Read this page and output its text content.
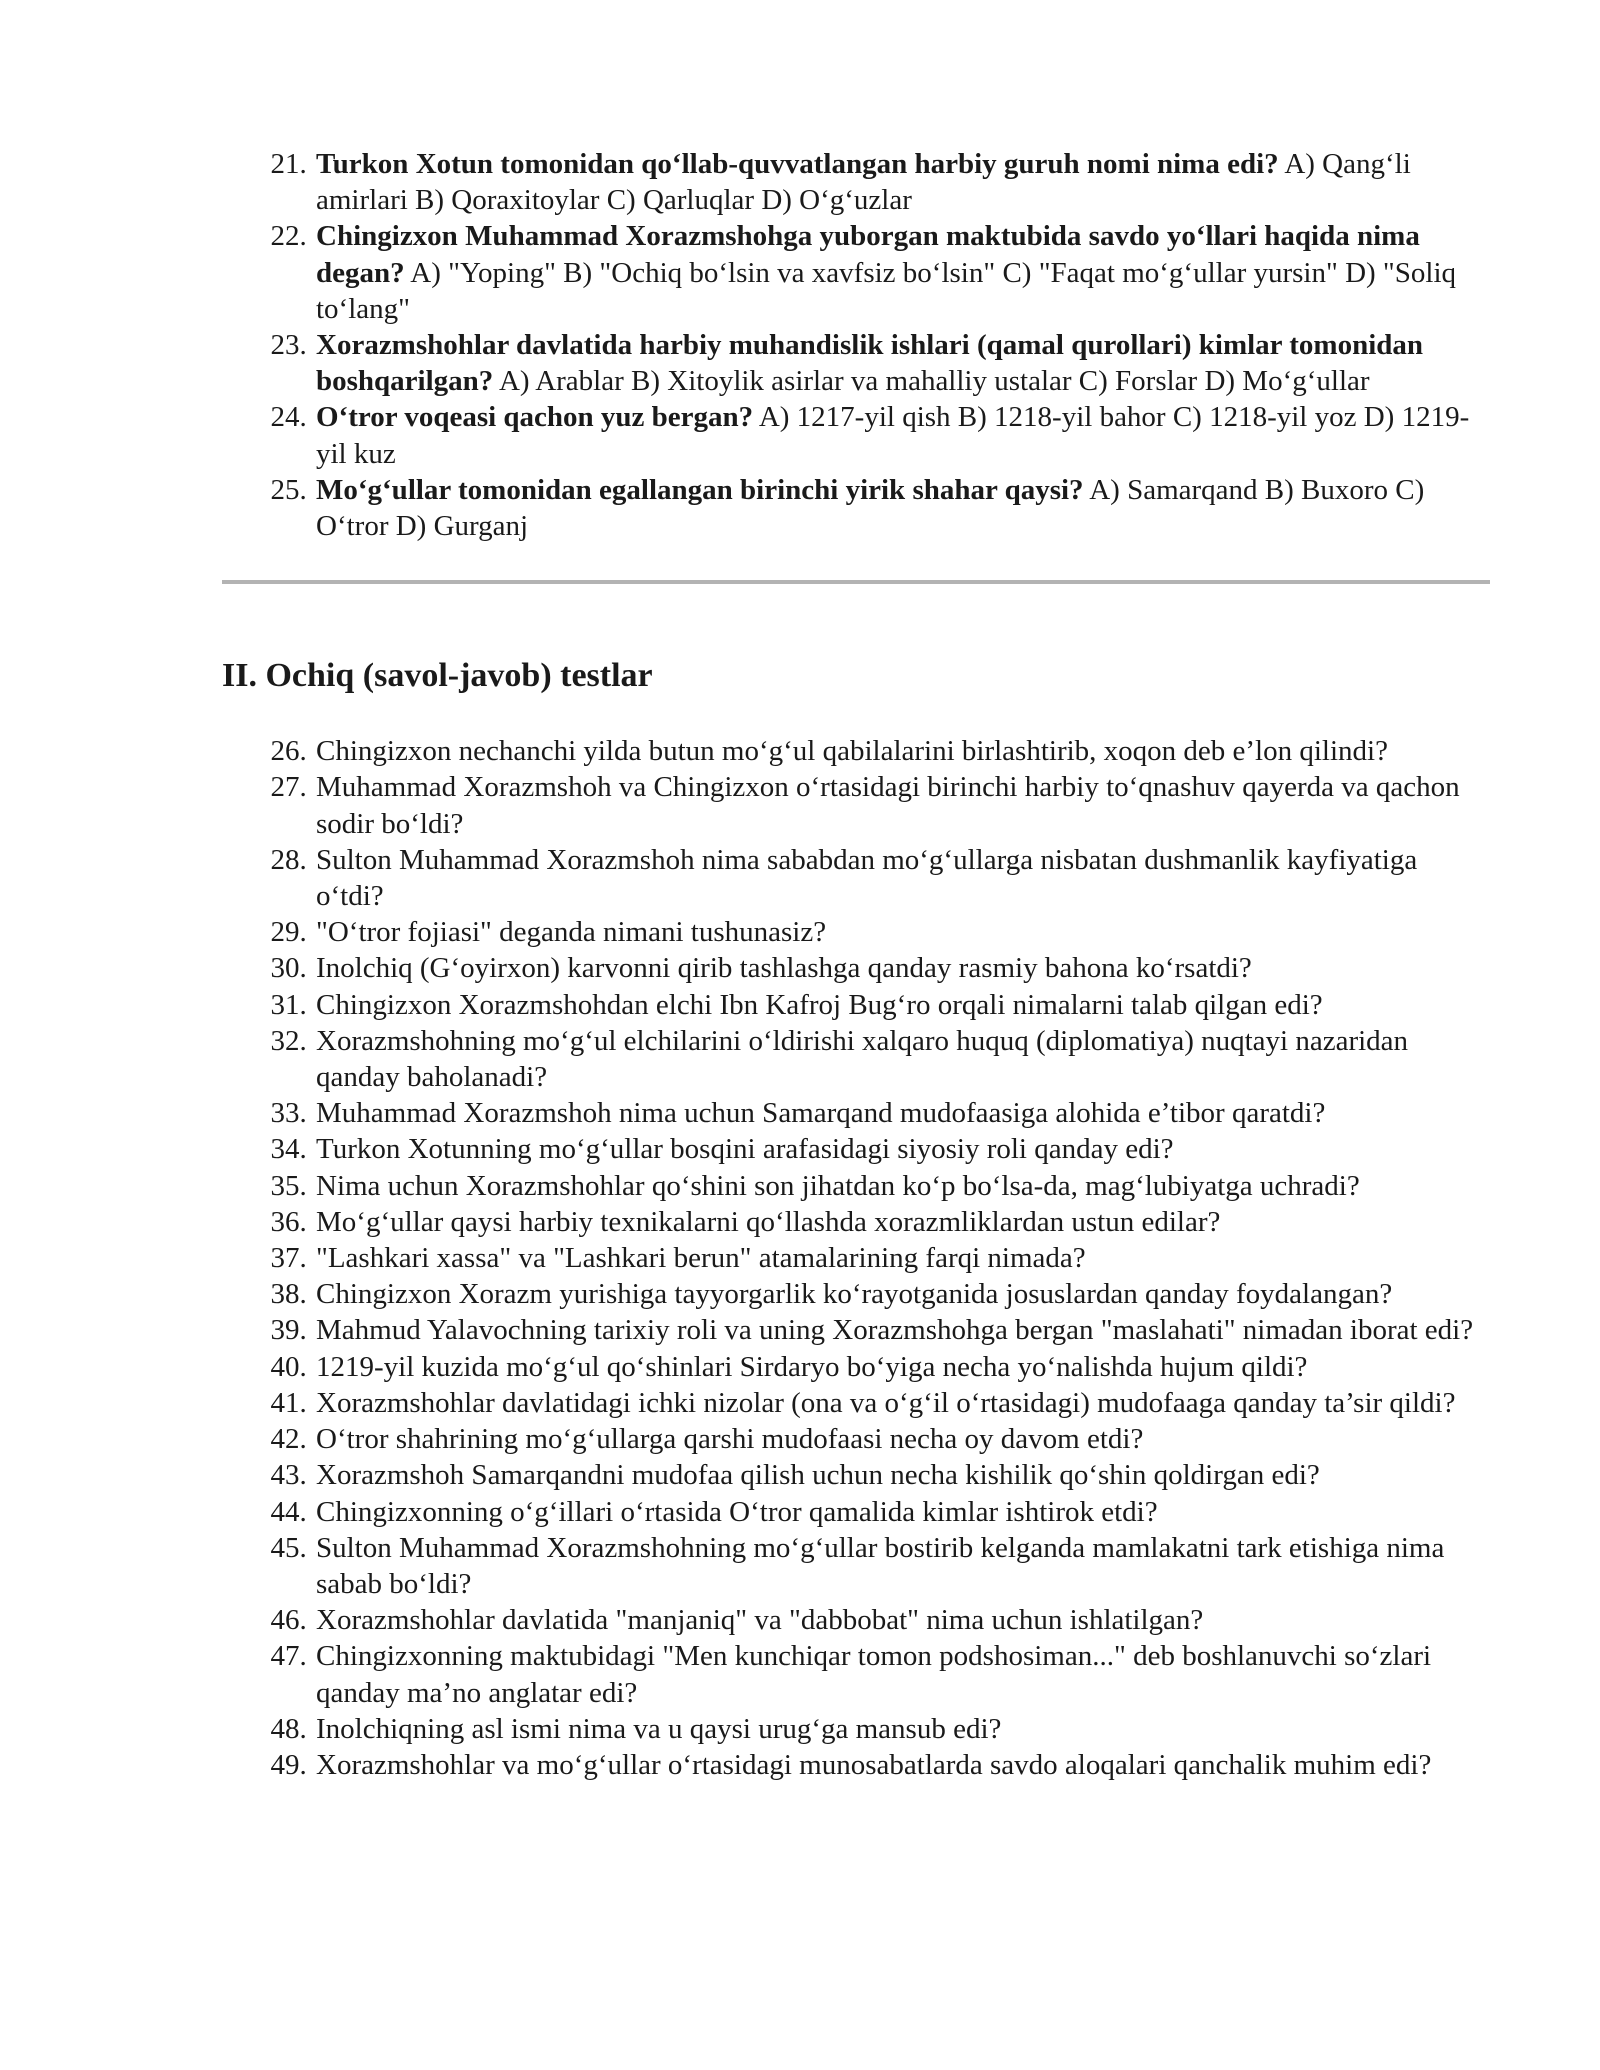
21. Turkon Xotun tomonidan qo‘llab-quvvatlangan harbiy guruh nomi nima edi? A) Qang‘li amirlari B) Qoraxitoylar C) Qarluqlar D) O‘g‘uzlar
22. Chingizxon Muhammad Xorazmshohga yuborgan maktubida savdo yo‘llari haqida nima degan? A) "Yoping" B) "Ochiq bo‘lsin va xavfsiz bo‘lsin" C) "Faqat mo‘g‘ullar yursin" D) "Soliq to‘lang"
23. Xorazmshohlar davlatida harbiy muhandislik ishlari (qamal qurollari) kimlar tomonidan boshqarilgan? A) Arablar B) Xitoylik asirlar va mahalliy ustalar C) Forslar D) Mo‘g‘ullar
24. O‘tror voqeasi qachon yuz bergan? A) 1217-yil qish B) 1218-yil bahor C) 1218-yil yoz D) 1219-yil kuz
25. Mo‘g‘ullar tomonidan egallangan birinchi yirik shahar qaysi? A) Samarqand B) Buxoro C) O‘tror D) Gurganj
II. Ochiq (savol-javob) testlar
26. Chingizxon nechanchi yilda butun mo‘g‘ul qabilalarini birlashtirib, xoqon deb e’lon qilindi?
27. Muhammad Xorazmshoh va Chingizxon o‘rtasidagi birinchi harbiy to‘qnashuv qayerda va qachon sodir bo‘ldi?
28. Sulton Muhammad Xorazmshoh nima sababdan mo‘g‘ullarga nisbatan dushmanlik kayfiyatiga o‘tdi?
29. "O‘tror fojiasi" deganda nimani tushunasiz?
30. Inolchiq (G‘oyirxon) karvonni qirib tashlashga qanday rasmiy bahona ko‘rsatdi?
31. Chingizxon Xorazmshohdan elchi Ibn Kafroj Bug‘ro orqali nimalarni talab qilgan edi?
32. Xorazmshohning mo‘g‘ul elchilarini o‘ldirishi xalqaro huquq (diplomatiya) nuqtayi nazaridan qanday baholanadi?
33. Muhammad Xorazmshoh nima uchun Samarqand mudofaasiga alohida e’tibor qaratdi?
34. Turkon Xotunning mo‘g‘ullar bosqini arafasidagi siyosiy roli qanday edi?
35. Nima uchun Xorazmshohlar qo‘shini son jihatdan ko‘p bo‘lsa-da, mag‘lubiyatga uchradi?
36. Mo‘g‘ullar qaysi harbiy texnikalarni qo‘llashda xorazmliklardan ustun edilar?
37. "Lashkari xassa" va "Lashkari berun" atamalarining farqi nimada?
38. Chingizxon Xorazm yurishiga tayyorgarlik ko‘rayotganida josuslardan qanday foydalangan?
39. Mahmud Yalavochning tarixiy roli va uning Xorazmshohga bergan "maslahati" nimadan iborat edi?
40. 1219-yil kuzida mo‘g‘ul qo‘shinlari Sirdaryo bo‘yiga necha yo‘nalishda hujum qildi?
41. Xorazmshohlar davlatidagi ichki nizolar (ona va o‘g‘il o‘rtasidagi) mudofaaga qanday ta’sir qildi?
42. O‘tror shahrining mo‘g‘ullarga qarshi mudofaasi necha oy davom etdi?
43. Xorazmshoh Samarqandni mudofaa qilish uchun necha kishilik qo‘shin qoldirgan edi?
44. Chingizxonning o‘g‘illari o‘rtasida O‘tror qamalida kimlar ishtirok etdi?
45. Sulton Muhammad Xorazmshohning mo‘g‘ullar bostirib kelganda mamlakatni tark etishiga nima sabab bo‘ldi?
46. Xorazmshohlar davlatida "manjaniq" va "dabbobat" nima uchun ishlatilgan?
47. Chingizxonning maktubidagi "Men kunchiqar tomon podshosiman..." deb boshlanuvchi so‘zlari qanday ma’no anglatar edi?
48. Inolchiqning asl ismi nima va u qaysi urug‘ga mansub edi?
49. Xorazmshohlar va mo‘g‘ullar o‘rtasidagi munosabatlarda savdo aloqalari qanchalik muhim edi?
